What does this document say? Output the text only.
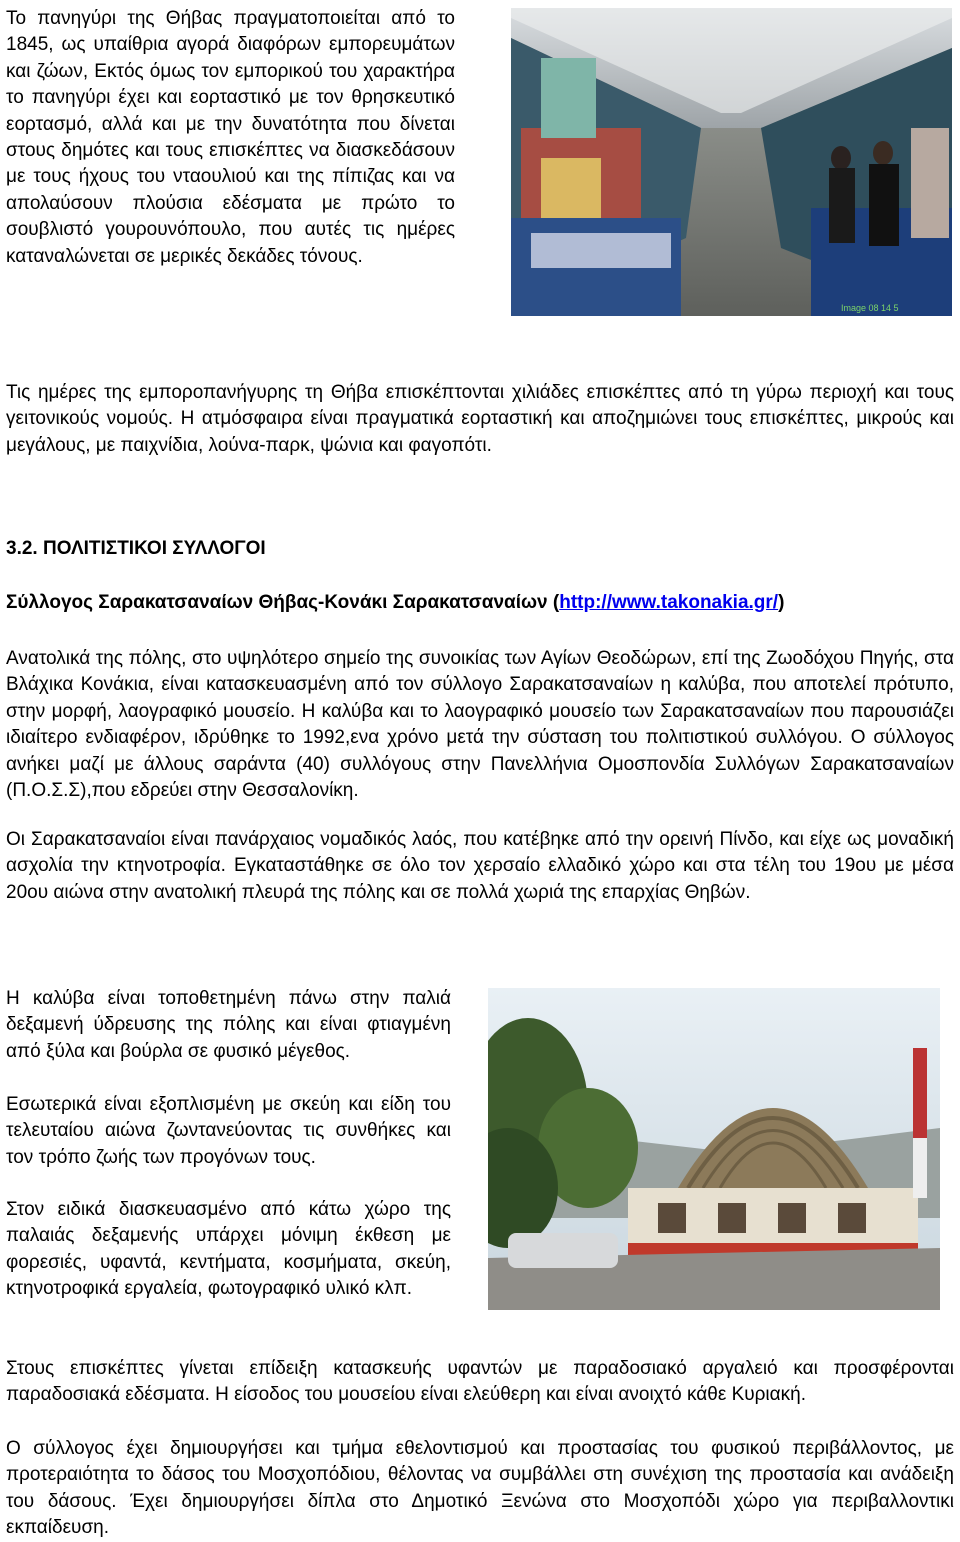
Το πανηγύρι της Θήβας πραγματοποιείται από το 1845, ως υπαίθρια αγορά διαφόρων εμπορευμάτων και ζώων, Εκτός όμως τον εμπορικού του χαρακτήρα το πανηγύρι έχει και εορταστικό με τον θρησκευτικό εορτασμό, αλλά και με την δυνατότητα που δίνεται στους δημότες και τους επισκέπτες να διασκεδάσουν με τους ήχους του νταουλιού και της πίπιζας και να απολαύσουν πλούσια εδέσματα με πρώτο το σουβλιστό γουρουνόπουλο, που αυτές τις ημέρες καταναλώνεται σε μερικές δεκάδες τόνους.

Image 08 14 5

Τις ημέρες της εμποροπανήγυρης τη Θήβα επισκέπτονται χιλιάδες επισκέπτες από τη γύρω περιοχή και τους γειτονικούς νομούς. Η ατμόσφαιρα είναι πραγματικά εορταστική και αποζημιώνει τους επισκέπτες, μικρούς και μεγάλους, με παιχνίδια, λούνα-παρκ, ψώνια και φαγοπότι.

3.2. ΠΟΛΙΤΙΣΤΙΚΟΙ ΣΥΛΛΟΓΟΙ
Σύλλογος Σαρακατσαναίων Θήβας-Κονάκι Σαρακατσαναίων (http://www.takonakia.gr/)

Ανατολικά της πόλης, στο υψηλότερο σημείο της συνοικίας των Αγίων Θεοδώρων, επί της Ζωοδόχου Πηγής, στα Βλάχικα Κονάκια, είναι κατασκευασμένη από τον σύλλογο Σαρακατσαναίων η καλύβα, που αποτελεί πρότυπο, στην μορφή, λαογραφικό μουσείο. Η καλύβα και το λαογραφικό μουσείο των Σαρακατσαναίων που παρουσιάζει ιδιαίτερο ενδιαφέρον, ιδρύθηκε το 1992,ενα χρόνο μετά την σύσταση του πολιτιστικού συλλόγου. Ο σύλλογος ανήκει μαζί με άλλους σαράντα (40) συλλόγους στην Πανελλήνια Ομοσπονδία Συλλόγων Σαρακατσαναίων (Π.Ο.Σ.Σ),που εδρεύει στην Θεσσαλονίκη.

Οι Σαρακατσαναίοι είναι πανάρχαιος νομαδικός λαός, που κατέβηκε από την ορεινή Πίνδο, και είχε ως μοναδική ασχολία την κτηνοτροφία. Εγκαταστάθηκε σε όλο τον χερσαίο ελλαδικό χώρο και στα τέλη του 19ου με μέσα 20ου αιώνα στην ανατολική πλευρά της πόλης και σε πολλά χωριά της επαρχίας Θηβών.

Η καλύβα είναι τοποθετημένη πάνω στην παλιά δεξαμενή ύδρευσης της πόλης και είναι φτιαγμένη από ξύλα και βούρλα σε φυσικό μέγεθος.

Εσωτερικά είναι εξοπλισμένη με σκεύη και είδη του τελευταίου αιώνα ζωντανεύοντας τις συνθήκες και τον τρόπο ζωής των προγόνων τους.

Στον ειδικά διασκευασμένο από κάτω χώρο της παλαιάς δεξαμενής υπάρχει μόνιμη έκθεση με φορεσιές, υφαντά, κεντήματα, κοσμήματα, σκεύη, κτηνοτροφικά εργαλεία, φωτογραφικό υλικό κλπ.

Στους επισκέπτες γίνεται επίδειξη κατασκευής υφαντών με παραδοσιακό αργαλειό και προσφέρονται παραδοσιακά εδέσματα. Η είσοδος του μουσείου είναι ελεύθερη και είναι ανοιχτό κάθε Κυριακή.

Ο σύλλογος έχει δημιουργήσει και τμήμα εθελοντισμού και προστασίας του φυσικού περιβάλλοντος, με προτεραιότητα το δάσος του Μοσχοπόδιου, θέλοντας να συμβάλλει στη συνέχιση της προστασία και ανάδειξη του δάσους. Έχει δημιουργήσει δίπλα στο Δημοτικό Ξενώνα στο Μοσχοπόδι χώρο για περιβαλλοντικι εκπαίδευση.
